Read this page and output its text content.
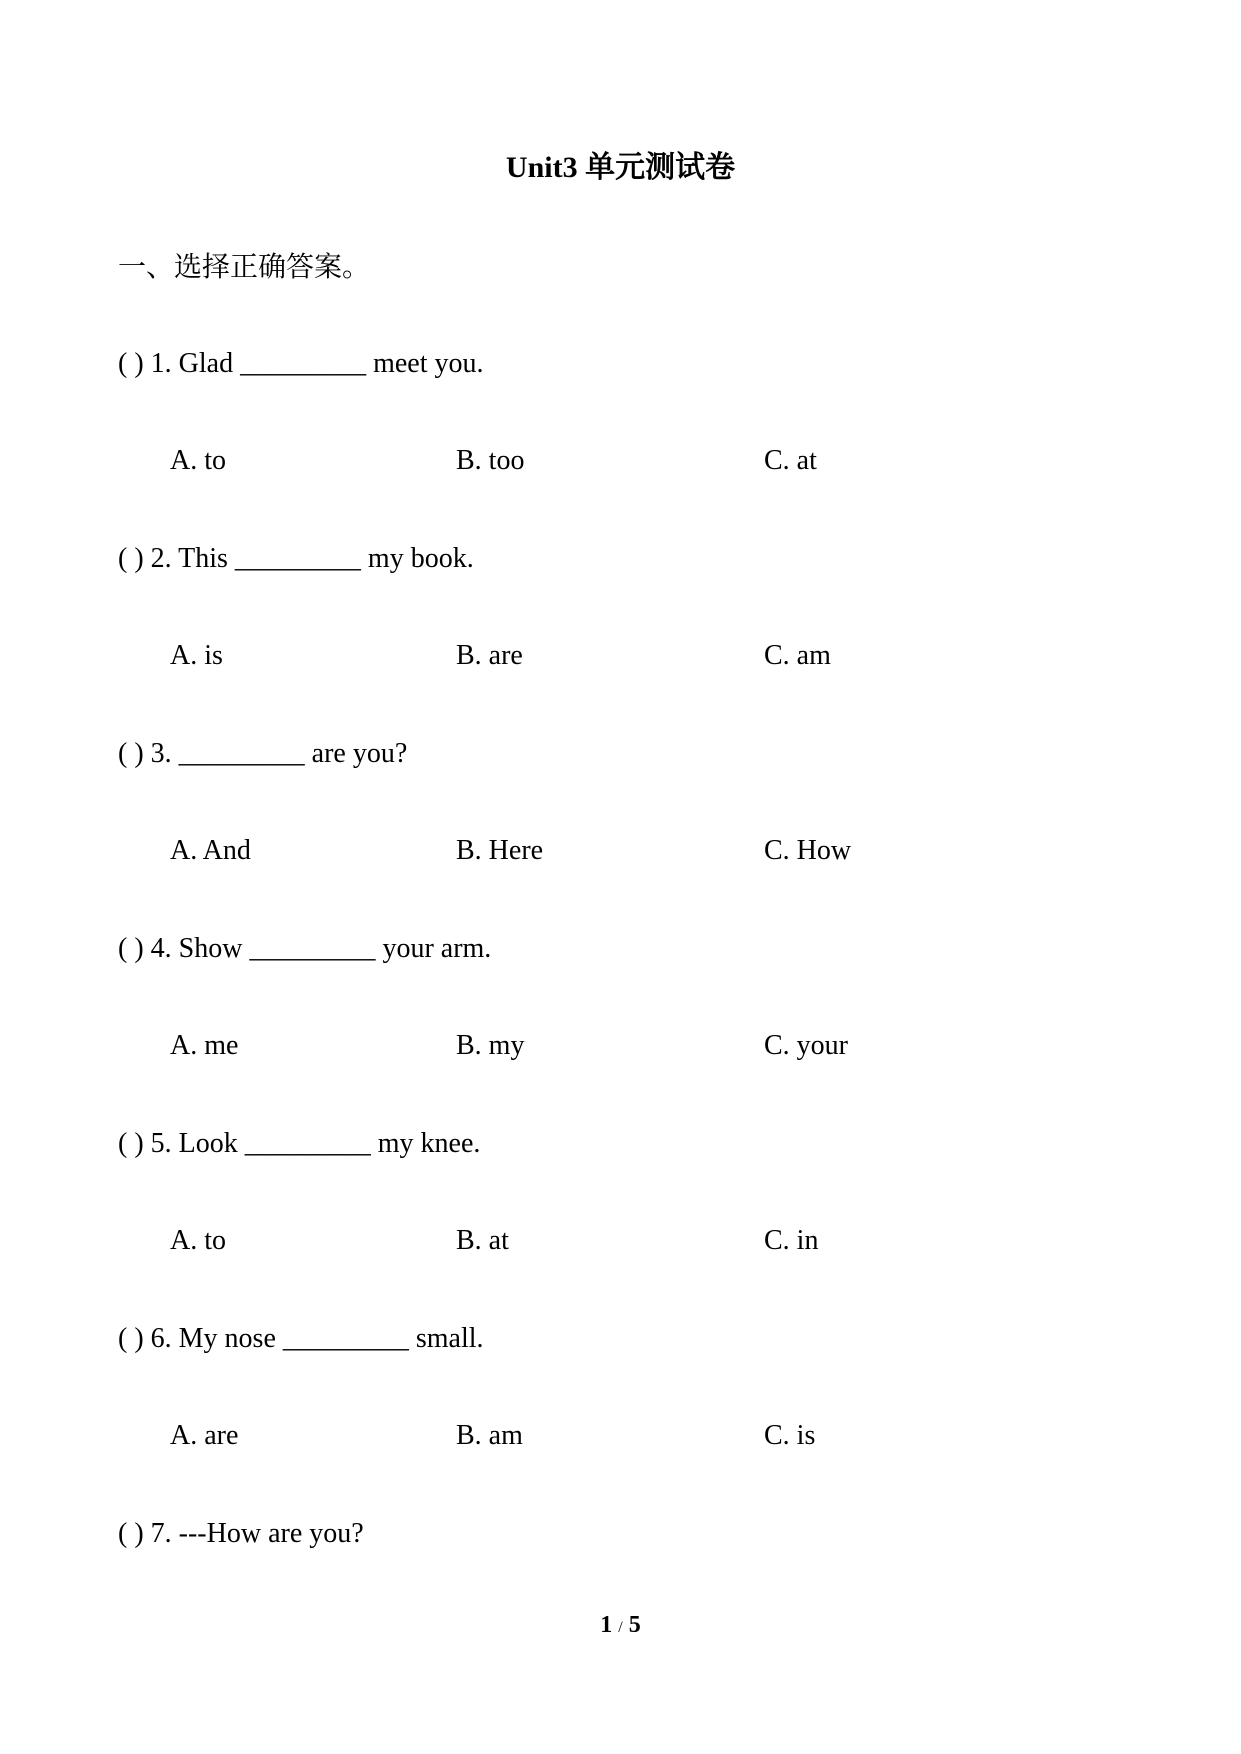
Unit3 单元测试卷
一、选择正确答案。
( ) 1. Glad _________ meet you.
A. to	B. too	C. at
( ) 2. This _________ my book.
A. is	B. are	C. am
( ) 3. _________ are you?
A. And	B. Here	C. How
( ) 4. Show _________ your arm.
A. me	B. my	C. your
( ) 5. Look _________ my knee.
A. to	B. at	C. in
( ) 6. My nose _________ small.
A. are	B. am	C. is
( ) 7. ---How are you?
1 / 5
